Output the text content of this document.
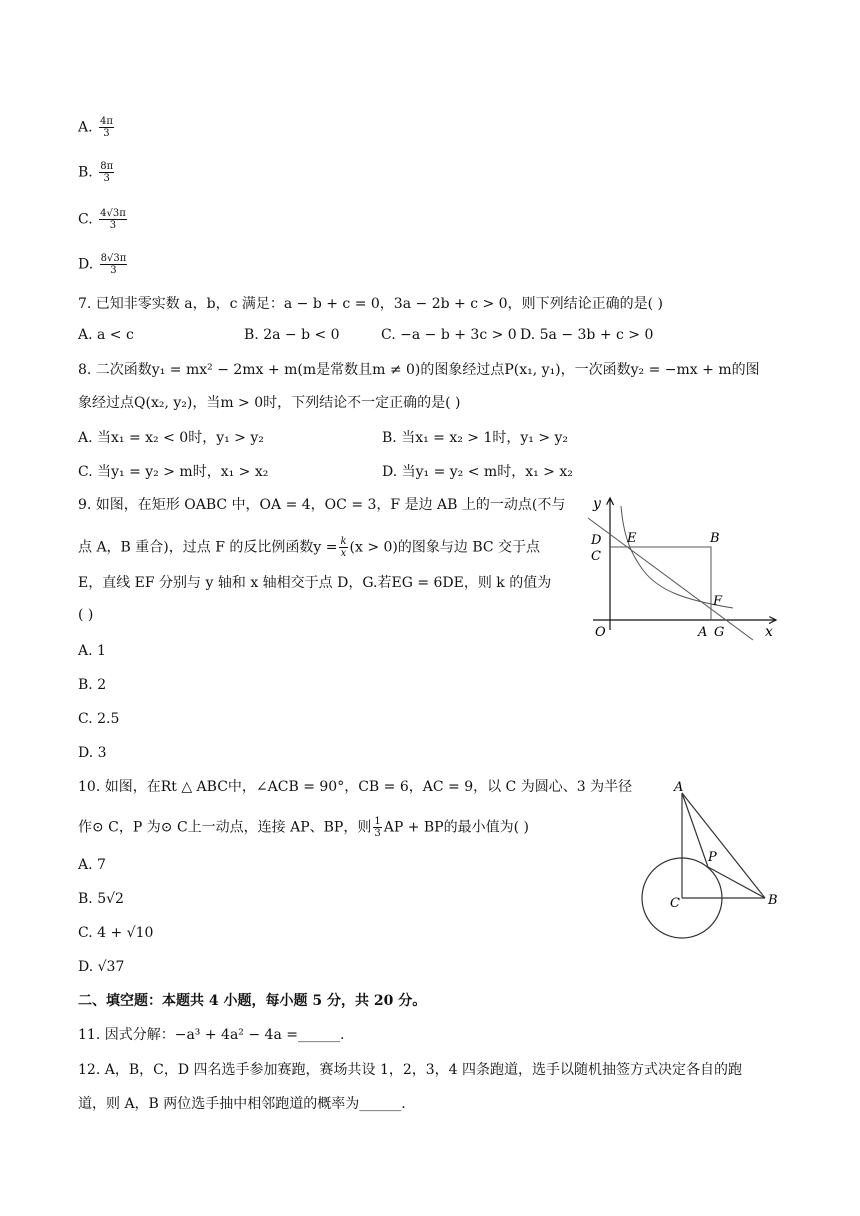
A. $\frac{4\pi}{3}$
B. $\frac{8\pi}{3}$
C. $\frac{4√3\pi}{3}$
D. $\frac{8√3\pi}{3}$
7. 已知非零实数 a，b，c 满足：a − b + c = 0，3a − 2b + c > 0，则下列结论正确的是( )
A. a < c	B. 2a − b < 0	C. −a − b + 3c > 0 D. 5a − 3b + c > 0
8. 二次函数y₁ = mx² − 2mx + m(m是常数且m ≠ 0)的图象经过点P(x₁, y₁)，一次函数y₂ = −mx + m的图
象经过点Q(x₂, y₂)，当m > 0时，下列结论不一定正确的是( )
A. 当x₁ = x₂ < 0时，y₁ > y₂	B. 当x₁ = x₂ > 1时，y₁ > y₂
C. 当y₁ = y₂ > m时，x₁ > x₂	D. 当y₁ = y₂ < m时，x₁ > x₂
9. 如图，在矩形 OABC 中，OA = 4，OC = 3，F 是边 AB 上的一动点(不与
点 A，B 重合)，过点 F 的反比例函数$y = \frac{k}{x} (x > 0)$的图象与边 BC 交于点
E，直线 EF 分别与 y 轴和 x 轴相交于点 D，G.若EG = 6DE，则 k 的值为
( )
A. 1
B. 2
C. 2.5
D. 3
y
D
C
E	B
F
O	A G	x
10. 如图，在Rt △ ABC中，∠ACB = 90°，CB = 6，AC = 9，以 C 为圆心、3 为半径
作⊙ C，P 为⊙ C上一动点，连接 AP、BP，则 $\frac{1}{3}$ AP + BP的最小值为( )
A. 7
B. 5√2
C. 4 + √10
D. √37
A
P
C	B
二、填空题：本题共 4 小题，每小题 5 分，共 20 分。
11. 因式分解：−a³ + 4a² − 4a =______.
12. A，B，C，D 四名选手参加赛跑，赛场共设 1，2，3，4 四条跑道，选手以随机抽签方式决定各自的跑
道，则 A，B 两位选手抽中相邻跑道的概率为______.
